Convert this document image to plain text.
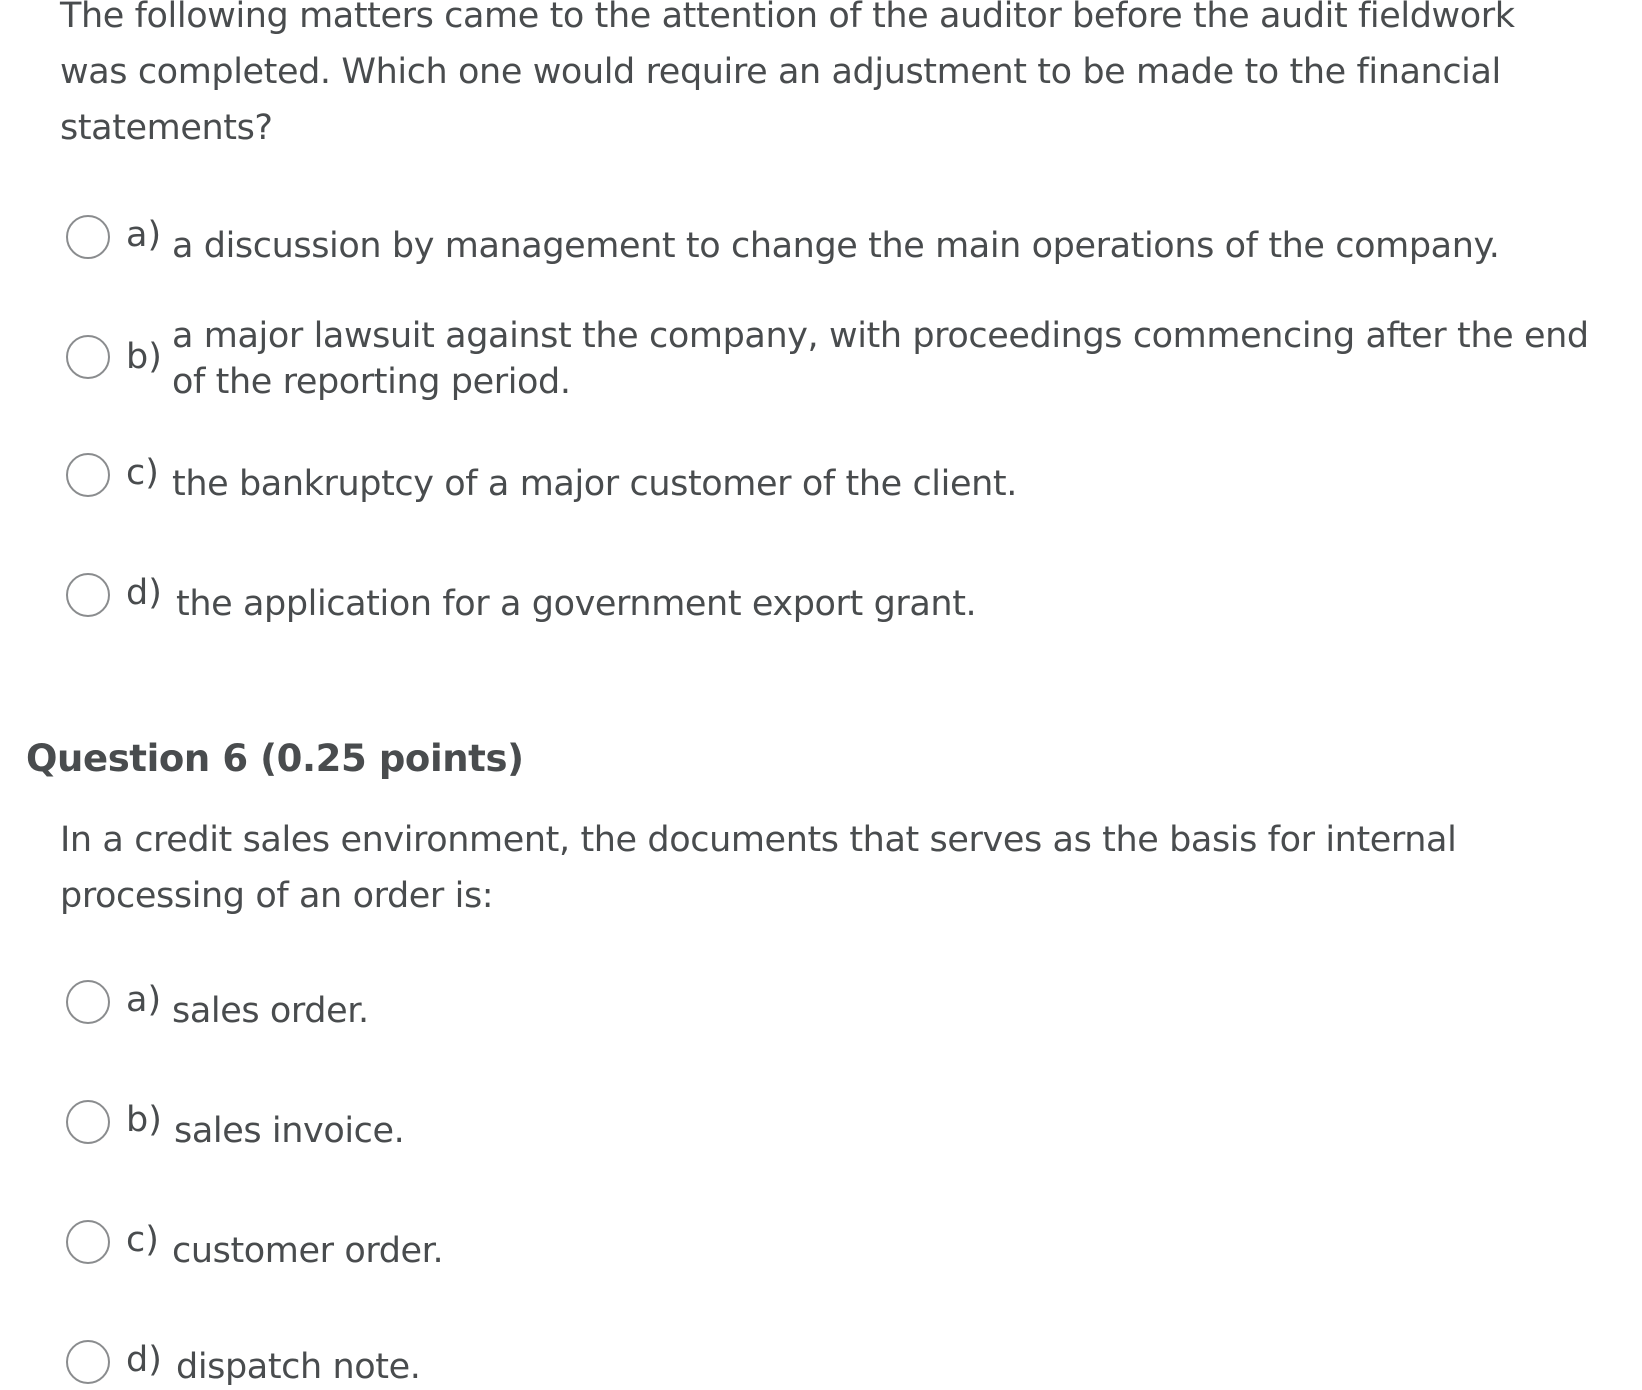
The following matters came to the attention of the auditor before the audit fieldwork was completed. Which one would require an adjustment to be made to the financial statements?

a) a discussion by management to change the main operations of the company.
b)
a major lawsuit against the company, with proceedings commencing after the end of the reporting period.
c) the bankruptcy of a major customer of the client.
d) the application for a government export grant.
Question 6 (0.25 points)

In a credit sales environment, the documents that serves as the basis for internal processing of an order is:

a) sales order.
b) sales invoice.
c) customer order.
d) dispatch note.
